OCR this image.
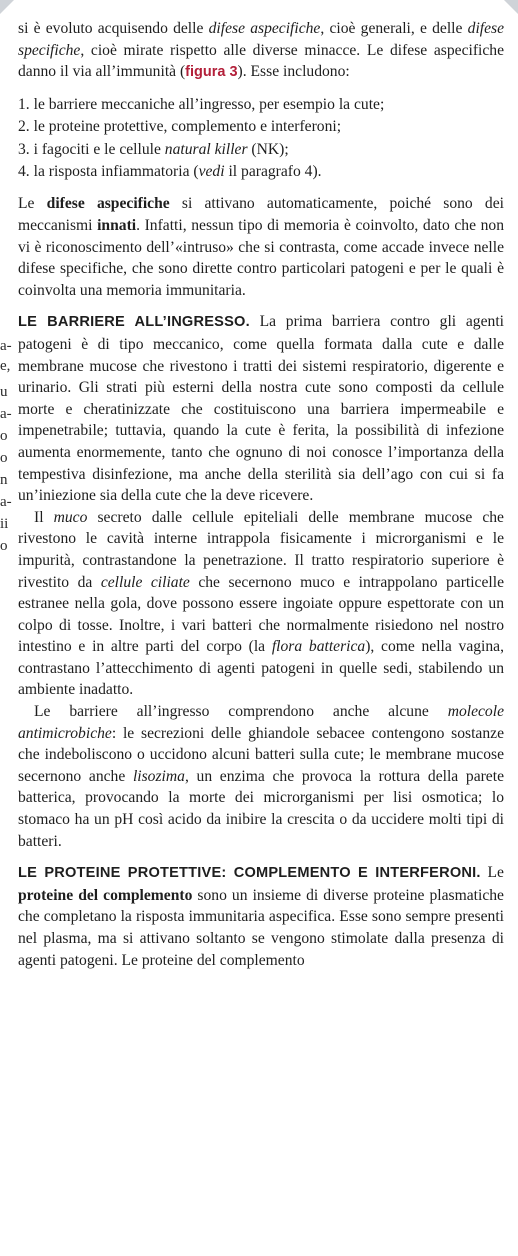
a-
e,
u
a-
o
o
n
a-
ii
o

si è evoluto acquisendo delle difese aspecifiche, cioè generali, e delle difese specifiche, cioè mirate rispetto alle diverse minacce. Le difese aspecifiche danno il via all’immunità (figura 3). Esse includono:

1. le barriere meccaniche all’ingresso, per esempio la cute;
2. le proteine protettive, complemento e interferoni;
3. i fagociti e le cellule natural killer (NK);
4. la risposta infiammatoria (vedi il paragrafo 4).

Le difese aspecifiche si attivano automaticamente, poiché sono dei meccanismi innati. Infatti, nessun tipo di memoria è coinvolto, dato che non vi è riconoscimento dell’«intruso» che si contrasta, come accade invece nelle difese specifiche, che sono dirette contro particolari patogeni e per le quali è coinvolta una memoria immunitaria.

LE BARRIERE ALL’INGRESSO. La prima barriera contro gli agenti patogeni è di tipo meccanico, come quella formata dalla cute e dalle membrane mucose che rivestono i tratti dei sistemi respiratorio, digerente e urinario. Gli strati più esterni della nostra cute sono composti da cellule morte e cheratinizzate che costituiscono una barriera impermeabile e impenetrabile; tuttavia, quando la cute è ferita, la possibilità di infezione aumenta enormemente, tanto che ognuno di noi conosce l’importanza della tempestiva disinfezione, ma anche della sterilità sia dell’ago con cui si fa un’iniezione sia della cute che la deve ricevere.

Il muco secreto dalle cellule epiteliali delle membrane mucose che rivestono le cavità interne intrappola fisicamente i microrganismi e le impurità, contrastandone la penetrazione. Il tratto respiratorio superiore è rivestito da cellule ciliate che secernono muco e intrappolano particelle estranee nella gola, dove possono essere ingoiate oppure espettorate con un colpo di tosse. Inoltre, i vari batteri che normalmente risiedono nel nostro intestino e in altre parti del corpo (la flora batterica), come nella vagina, contrastano l’attecchimento di agenti patogeni in quelle sedi, stabilendo un ambiente inadatto.

Le barriere all’ingresso comprendono anche alcune molecole antimicrobiche: le secrezioni delle ghiandole sebacee contengono sostanze che indeboliscono o uccidono alcuni batteri sulla cute; le membrane mucose secernono anche lisozima, un enzima che provoca la rottura della parete batterica, provocando la morte dei microrganismi per lisi osmotica; lo stomaco ha un pH così acido da inibire la crescita o da uccidere molti tipi di batteri.

LE PROTEINE PROTETTIVE: COMPLEMENTO E INTERFERONI. Le proteine del complemento sono un insieme di diverse proteine plasmatiche che completano la risposta immunitaria aspecifica. Esse sono sempre presenti nel plasma, ma si attivano soltanto se vengono stimolate dalla presenza di agenti patogeni. Le proteine del complemento
